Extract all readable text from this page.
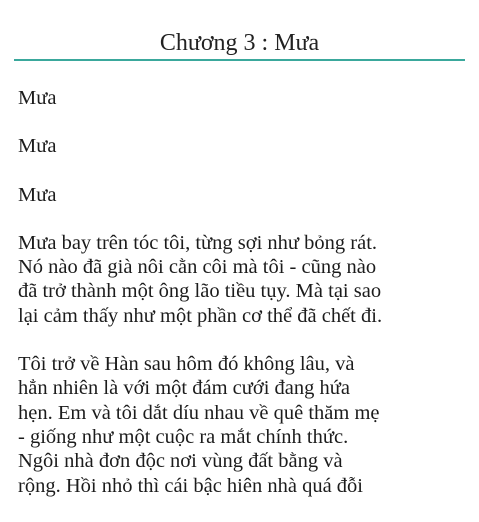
Chương 3 : Mưa

Mưa

Mưa

Mưa

Mưa bay trên tóc tôi, từng sợi như bỏng rát.
Nó nào đã già nôi cằn côi mà tôi - cũng nào
đã trở thành một ông lão tiều tụy. Mà tại sao
lại cảm thấy như một phần cơ thể đã chết đi.

Tôi trở về Hàn sau hôm đó không lâu, và
hẳn nhiên là với một đám cưới đang hứa
hẹn. Em và tôi dắt díu nhau về quê thăm mẹ
- giống như một cuộc ra mắt chính thức.
Ngôi nhà đơn độc nơi vùng đất bằng và
rộng. Hồi nhỏ thì cái bậc hiên nhà quá đỗi
